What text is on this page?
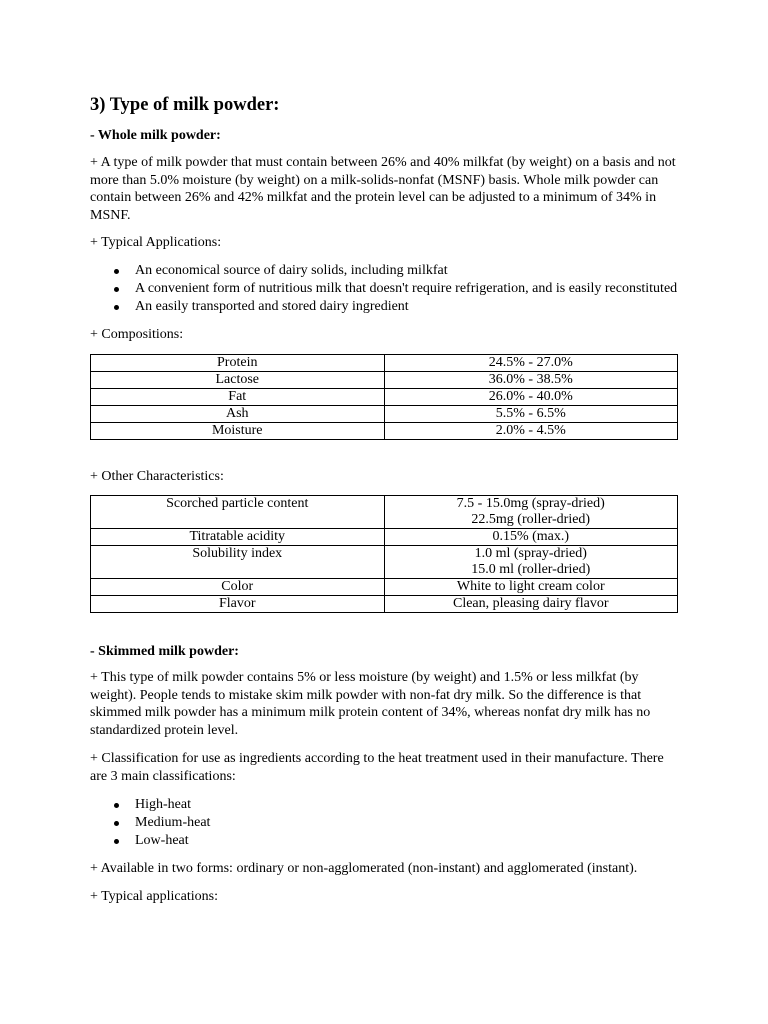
3) Type of milk powder:

- Whole milk powder:

+ A type of milk powder that must contain between 26% and 40% milkfat (by weight) on a basis and not more than 5.0% moisture (by weight) on a milk-solids-nonfat (MSNF) basis. Whole milk powder can contain between 26% and 42% milkfat and the protein level can be adjusted to a minimum of 34% in MSNF.

+ Typical Applications:

An economical source of dairy solids, including milkfat
A convenient form of nutritious milk that doesn't require refrigeration, and is easily reconstituted
An easily transported and stored dairy ingredient

+ Compositions:

Protein	24.5% - 27.0%
Lactose	36.0% - 38.5%
Fat	26.0% - 40.0%
Ash	5.5% - 6.5%
Moisture	2.0% - 4.5%

+ Other Characteristics:

Scorched particle content	7.5 - 15.0mg (spray-dried)
22.5mg (roller-dried)

Titratable acidity	0.15% (max.)
Solubility index	1.0 ml (spray-dried)
15.0 ml (roller-dried)

Color	White to light cream color
Flavor	Clean, pleasing dairy flavor

- Skimmed milk powder:

+ This type of milk powder contains 5% or less moisture (by weight) and 1.5% or less milkfat (by weight). People tends to mistake skim milk powder with non-fat dry milk. So the difference is that skimmed milk powder has a minimum milk protein content of 34%, whereas nonfat dry milk has no standardized protein level.

+ Classification for use as ingredients according to the heat treatment used in their manufacture. There are 3 main classifications:

High-heat
Medium-heat
Low-heat

+ Available in two forms: ordinary or non-agglomerated (non-instant) and agglomerated (instant).

+ Typical applications:
